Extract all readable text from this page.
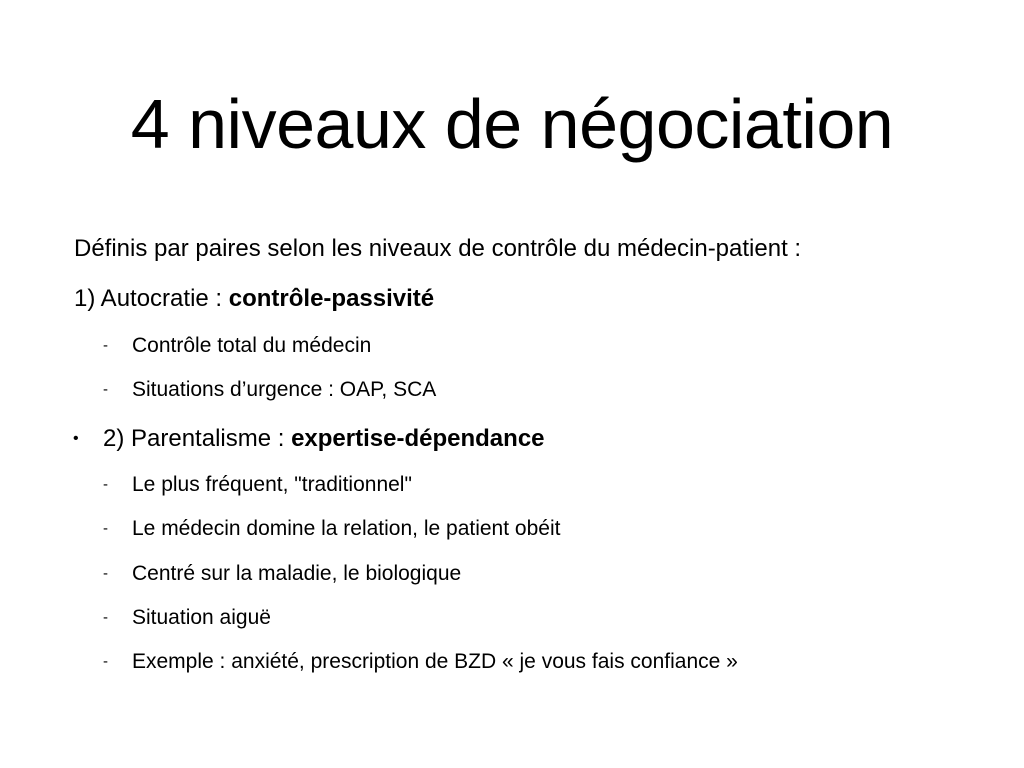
4 niveaux de négociation
Définis par paires selon les niveaux de contrôle du médecin-patient :
1) Autocratie : contrôle-passivité
- Contrôle total du médecin
- Situations d’urgence : OAP, SCA
• 2) Parentalisme : expertise-dépendance
- Le plus fréquent, "traditionnel"
- Le médecin domine la relation, le patient obéit
- Centré sur la maladie, le biologique
- Situation aiguë
- Exemple : anxiété, prescription de BZD « je vous fais confiance »
